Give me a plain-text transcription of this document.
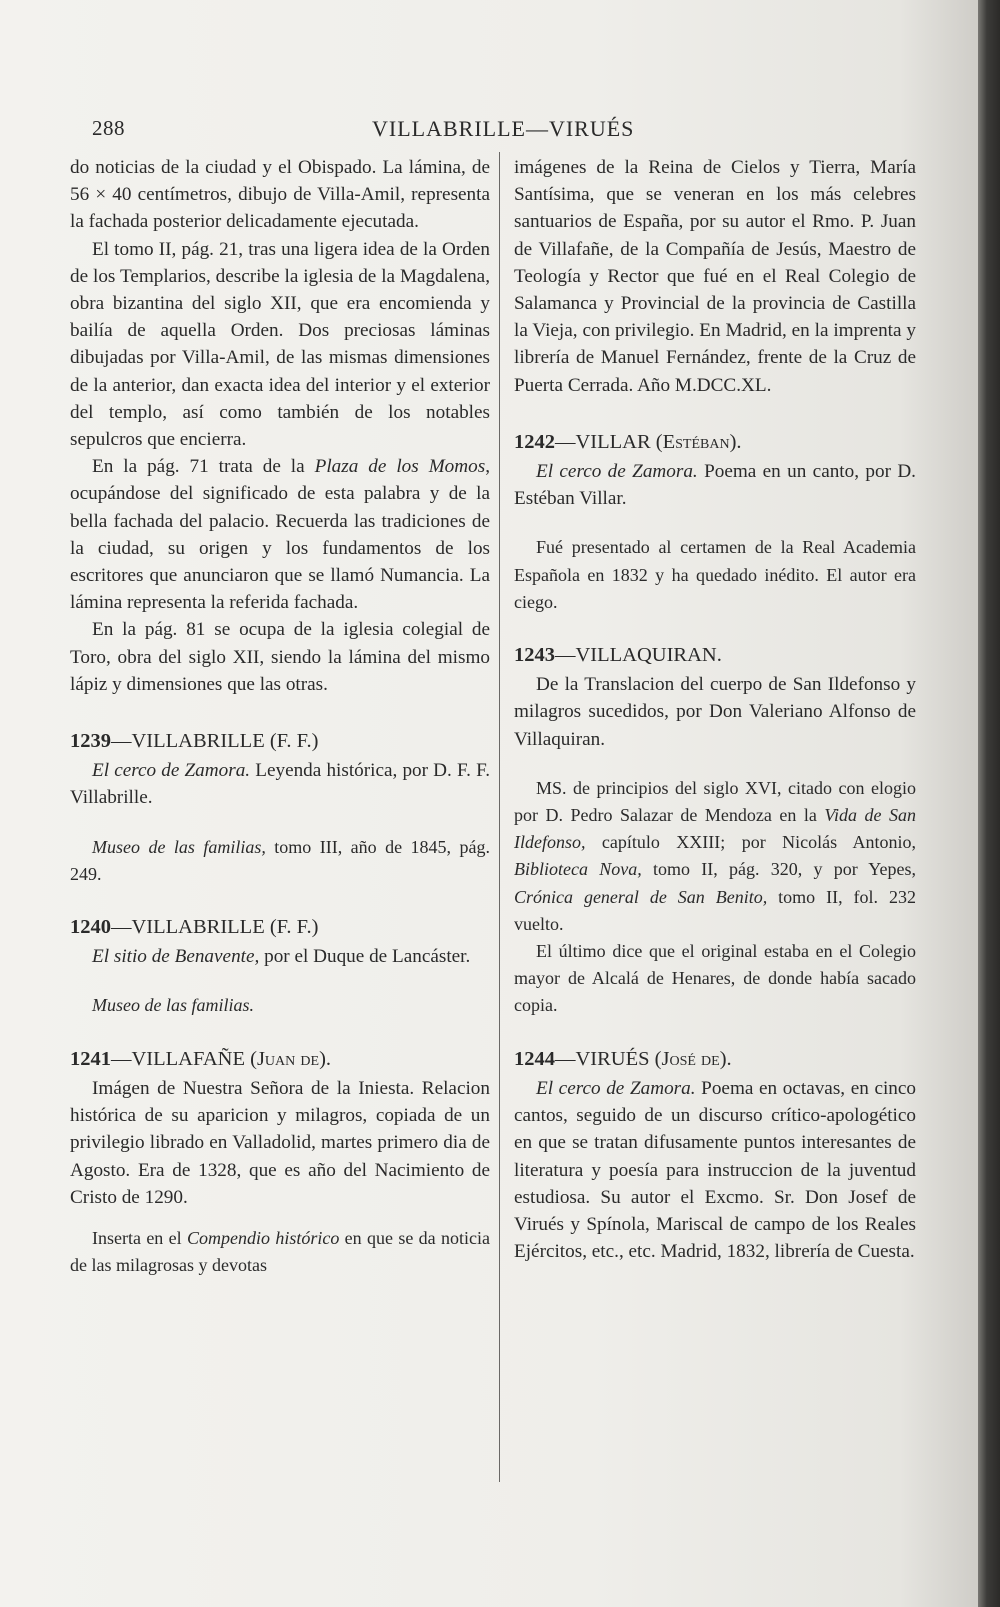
288	VILLABRILLE—VIRUÉS

do noticias de la ciudad y el Obispado. La lámina, de 56 × 40 centímetros, dibujo de Villa-Amil, representa la fachada posterior delicadamente ejecutada.

El tomo II, pág. 21, tras una ligera idea de la Orden de los Templarios, describe la iglesia de la Magdalena, obra bizantina del siglo XII, que era encomienda y bailía de aquella Orden. Dos preciosas láminas dibujadas por Villa-Amil, de las mismas dimensiones de la anterior, dan exacta idea del interior y el exterior del templo, así como también de los notables sepulcros que encierra.

En la pág. 71 trata de la Plaza de los Momos, ocupándose del significado de esta palabra y de la bella fachada del palacio. Recuerda las tradiciones de la ciudad, su origen y los fundamentos de los escritores que anunciaron que se llamó Numancia. La lámina representa la referida fachada.

En la pág. 81 se ocupa de la iglesia colegial de Toro, obra del siglo XII, siendo la lámina del mismo lápiz y dimensiones que las otras.

1239—VILLABRILLE (F. F.)

El cerco de Zamora. Leyenda histórica, por D. F. F. Villabrille.

Museo de las familias, tomo III, año de 1845, pág. 249.

1240—VILLABRILLE (F. F.)

El sitio de Benavente, por el Duque de Lancáster.

Museo de las familias.

1241—VILLAFAÑE (Juan de).

Imágen de Nuestra Señora de la Iniesta. Relacion histórica de su aparicion y milagros, copiada de un privilegio librado en Valladolid, martes primero dia de Agosto. Era de 1328, que es año del Nacimiento de Cristo de 1290.

Inserta en el Compendio histórico en que se da noticia de las milagrosas y devotas

imágenes de la Reina de Cielos y Tierra, María Santísima, que se veneran en los más celebres santuarios de España, por su autor el Rmo. P. Juan de Villafañe, de la Compañía de Jesús, Maestro de Teología y Rector que fué en el Real Colegio de Salamanca y Provincial de la provincia de Castilla la Vieja, con privilegio. En Madrid, en la imprenta y librería de Manuel Fernández, frente de la Cruz de Puerta Cerrada. Año M.DCC.XL.

1242—VILLAR (Estéban).

El cerco de Zamora. Poema en un canto, por D. Estéban Villar.

Fué presentado al certamen de la Real Academia Española en 1832 y ha quedado inédito. El autor era ciego.

1243—VILLAQUIRAN.

De la Translacion del cuerpo de San Ildefonso y milagros sucedidos, por Don Valeriano Alfonso de Villaquiran.

MS. de principios del siglo XVI, citado con elogio por D. Pedro Salazar de Mendoza en la Vida de San Ildefonso, capítulo XXIII; por Nicolás Antonio, Biblioteca Nova, tomo II, pág. 320, y por Yepes, Crónica general de San Benito, tomo II, fol. 232 vuelto.

El último dice que el original estaba en el Colegio mayor de Alcalá de Henares, de donde había sacado copia.

1244—VIRUÉS (José de).

El cerco de Zamora. Poema en octavas, en cinco cantos, seguido de un discurso crítico-apologético en que se tratan difusamente puntos interesantes de literatura y poesía para instruccion de la juventud estudiosa. Su autor el Excmo. Sr. Don Josef de Virués y Spínola, Mariscal de campo de los Reales Ejércitos, etc., etc. Madrid, 1832, librería de Cuesta.
